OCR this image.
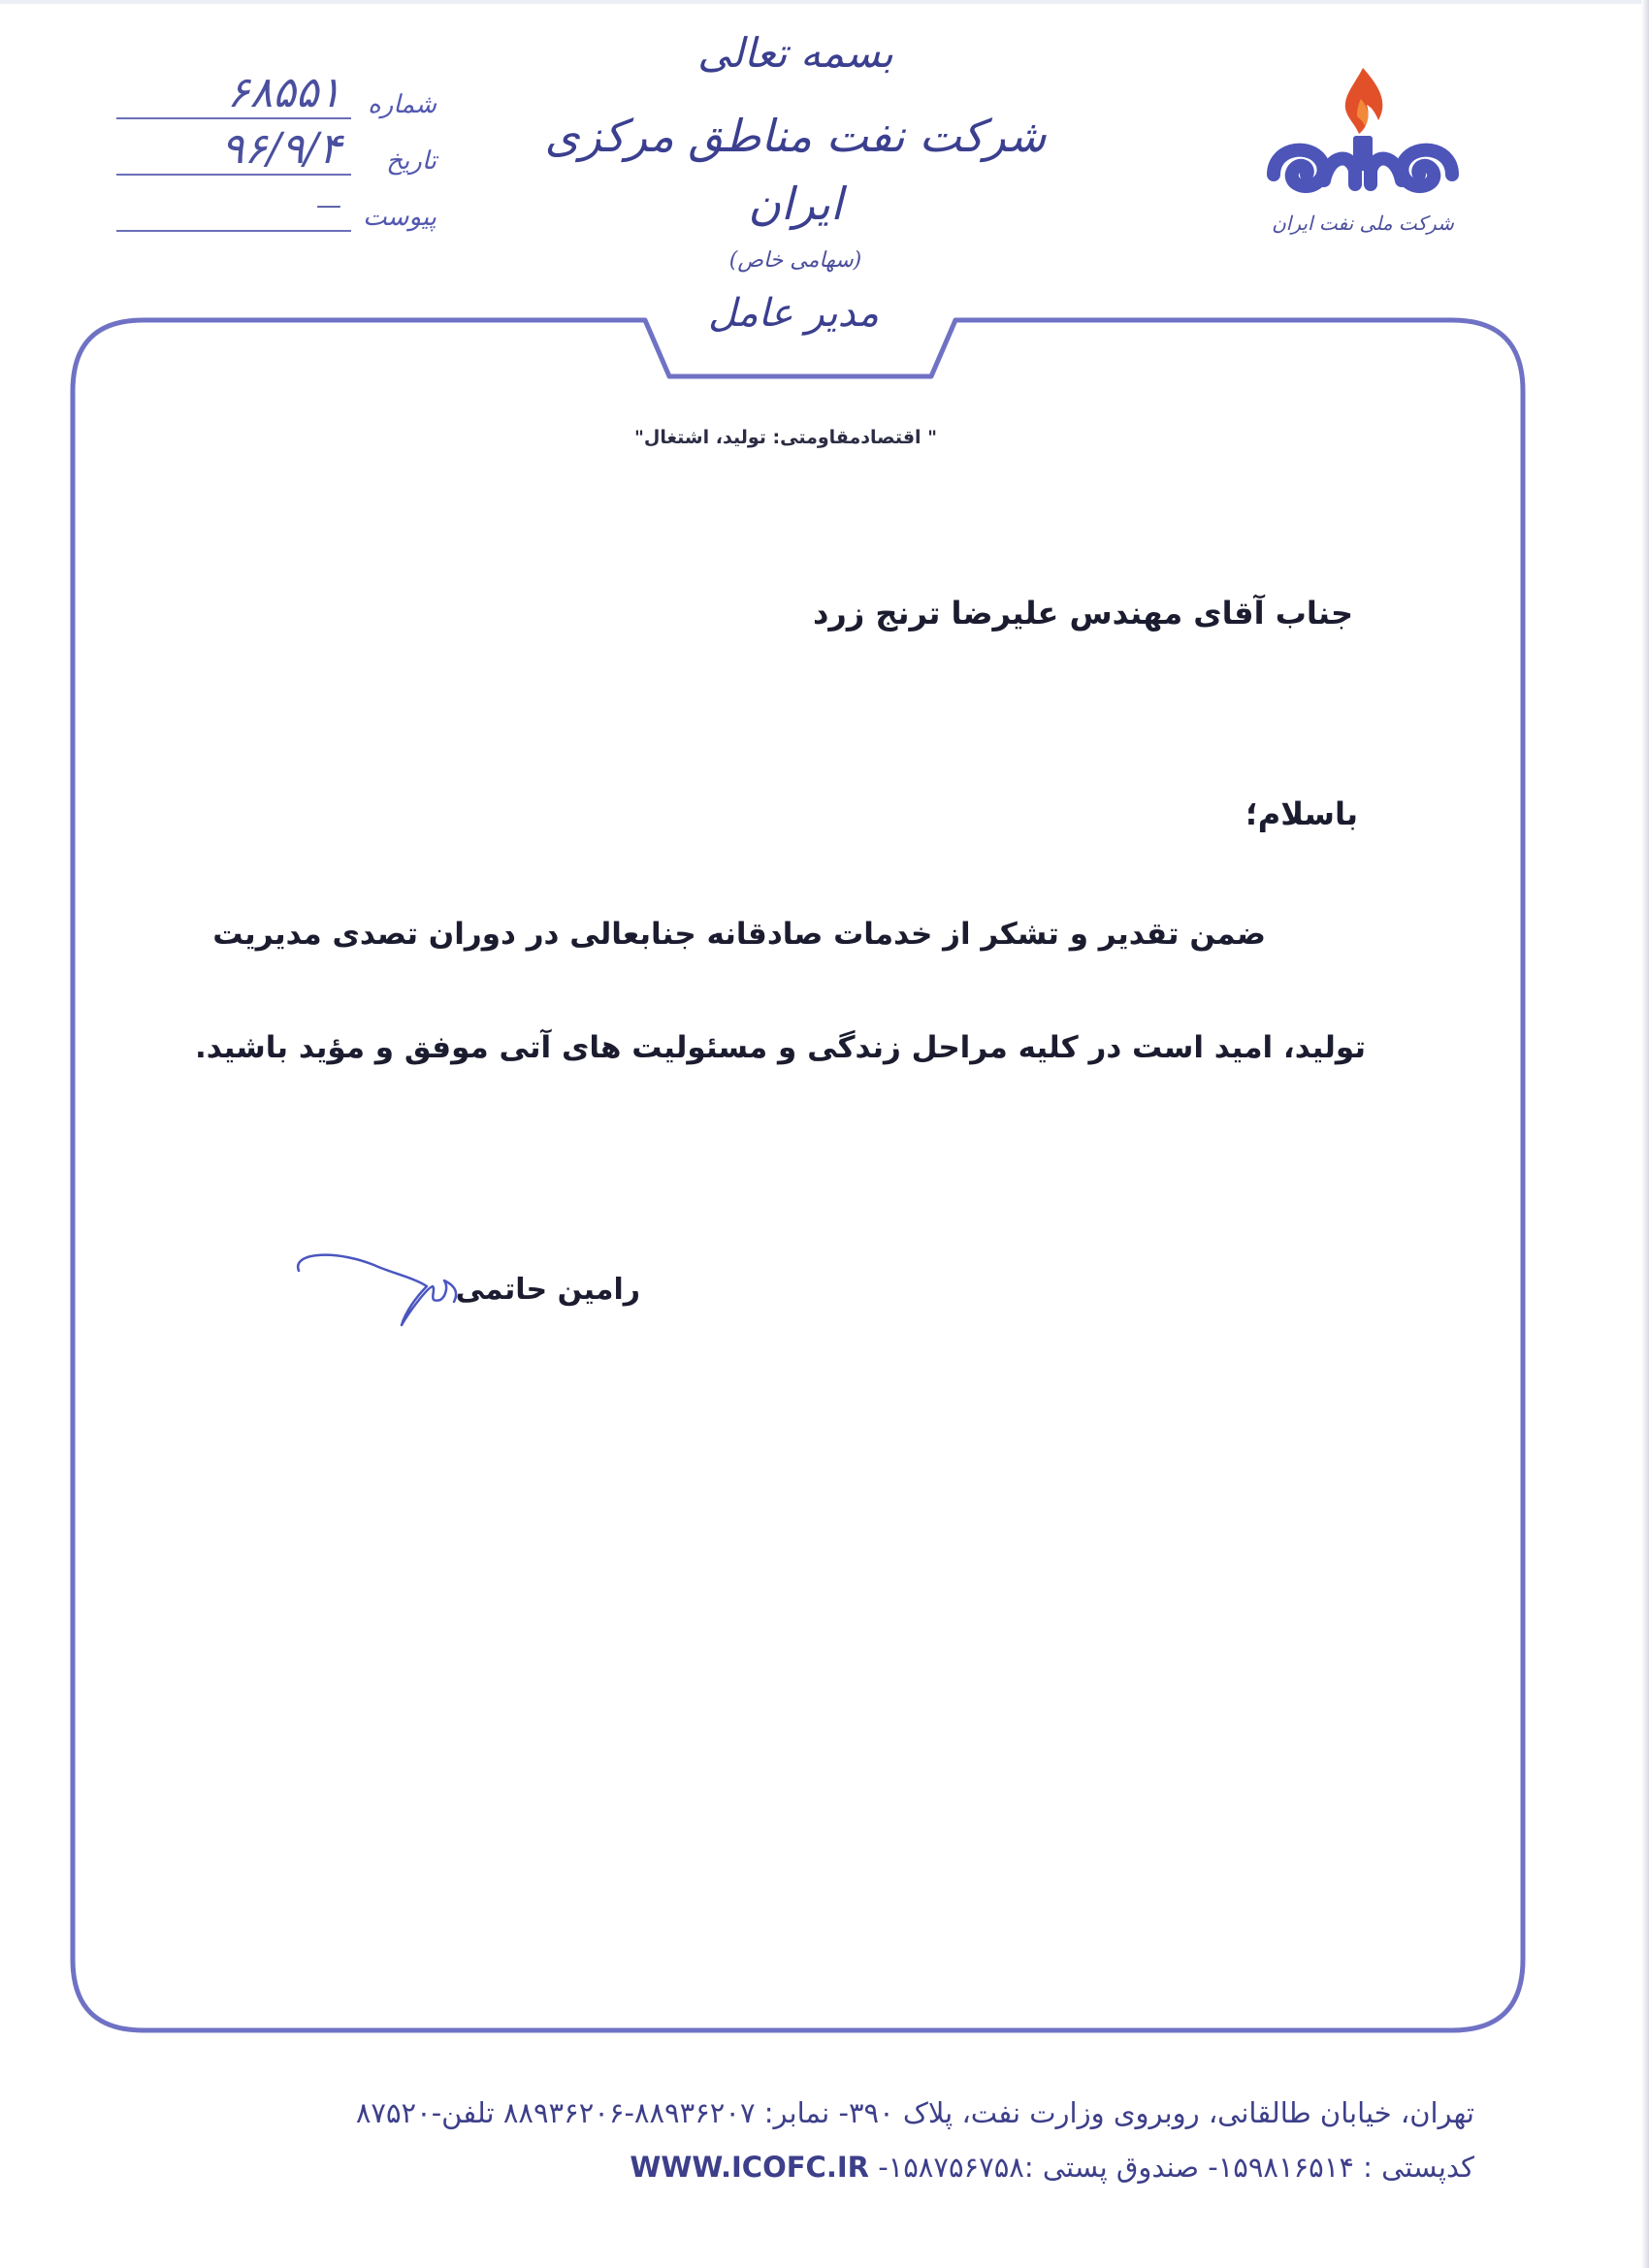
شماره
۶۸۵۵۱
تاریخ
۹۶/۹/۴
پیوست
—
بسمه تعالی
شرکت نفت مناطق مرکزی ایران
(سهامی خاص)
شرکت ملی نفت ایران
مدیر عامل
" اقتصادمقاومتی: تولید، اشتغال"
جناب آقای مهندس علیرضا ترنج زرد
باسلام؛
ضمن تقدیر و تشکر از خدمات صادقانه جنابعالی در دوران تصدی مدیریت
تولید، امید است در کلیه مراحل زندگی و مسئولیت های آتی موفق و مؤید باشید.
رامین حاتمی
تهران، خیابان طالقانی، روبروی وزارت نفت، پلاک ۳۹۰- نمابر: ۸۸۹۳۶۲۰۷-۸۸۹۳۶۲۰۶ تلفن-۸۷۵۲۰
کدپستی : ۱۵۹۸۱۶۵۱۴- صندوق پستی :۱۵۸۷۵۶۷۵۸- WWW.ICOFC.IR
